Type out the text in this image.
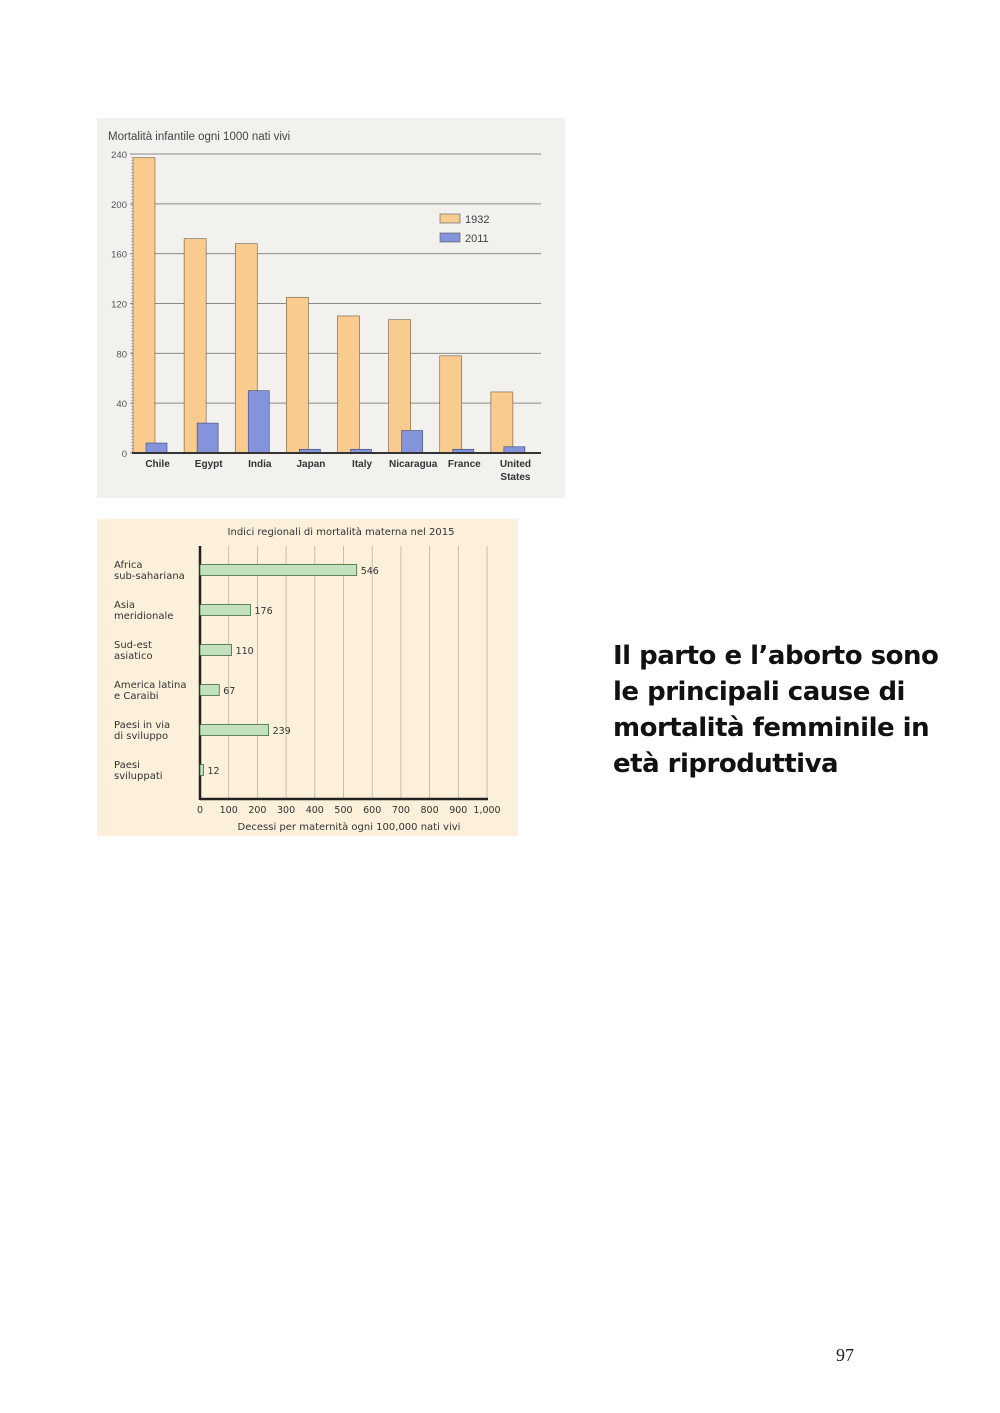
Mortalità infantile ogni 1000 nati vivi
0
40
80
120
160
200
240
Chile	Egypt	India	Japan	Italy Nicaragua France United
States
1932
2011
Indici regionali di mortalità materna nel 2015
0 100 200 300 400 500 600 700 800 900 1,000
Africa
sub-sahariana	546
Asia
meridionale	176
Sud-est
asiatico	110
America latina
e Caraibi	67
Paesi in via
di sviluppo	239
Paesi
sviluppati	12
Decessi per maternità ogni 100,000 nati vivi

Il parto e l’aborto sono le principali cause di mortalità femminile in età riproduttiva

97
